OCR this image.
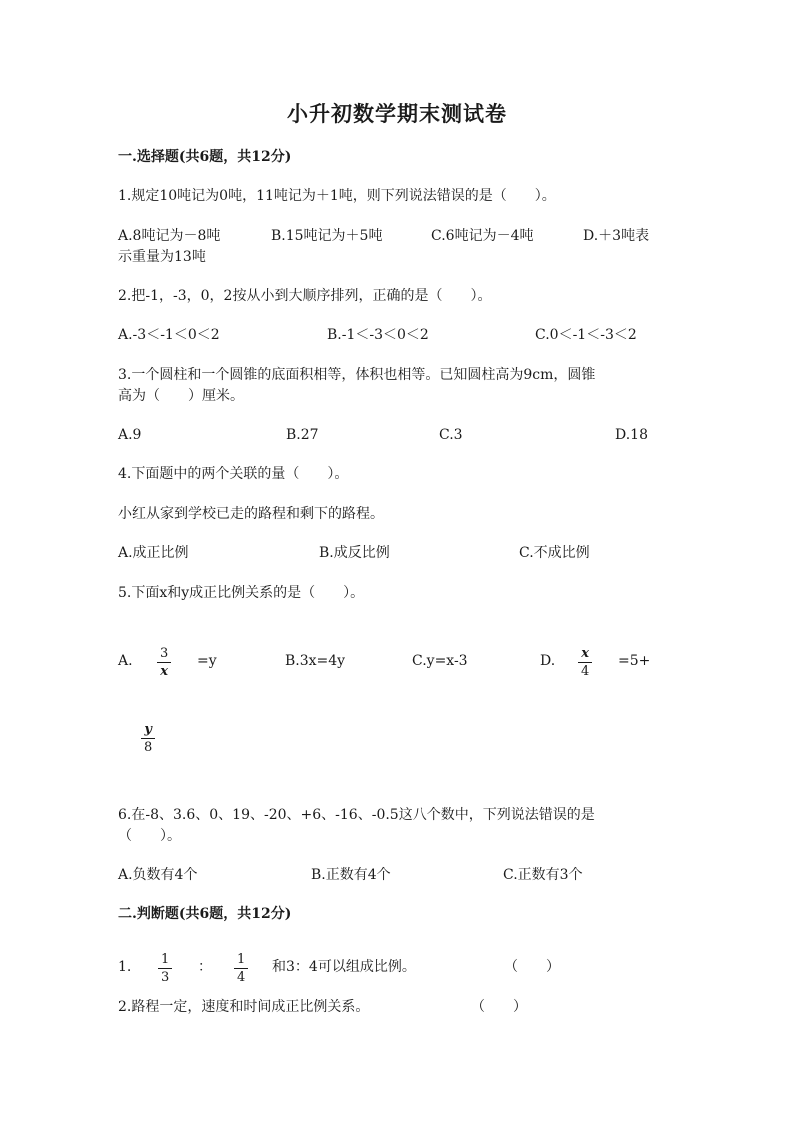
小升初数学期末测试卷
一.选择题(共6题，共12分)
1.规定10吨记为0吨，11吨记为＋1吨，则下列说法错误的是（　　）。
A.8吨记为－8吨	B.15吨记为＋5吨	C.6吨记为－4吨	D.＋3吨表
示重量为13吨
2.把-1，-3，0，2按从小到大顺序排列，正确的是（　　）。
A.-3＜-1＜0＜2	B.-1＜-3＜0＜2	C.0＜-1＜-3＜2
3.一个圆柱和一个圆锥的底面积相等，体积也相等。已知圆柱高为9cm，圆锥
高为（　　）厘米。
A.9	B.27	C.3	D.18
4.下面题中的两个关联的量（　　）。
小红从家到学校已走的路程和剩下的路程。
A.成正比例	B.成反比例	C.不成比例
5.下面x和y成正比例关系的是（　　）。
A. $\frac{3}{x} =y$	B.3x=4y	C.y=x-3	D. $\frac{x}{4} =5+$
$\frac{y}{8}$
6.在-8、3.6、0、19、-20、+6、-16、-0.5这八个数中，下列说法错误的是
（　　）。
A.负数有4个	B.正数有4个	C.正数有3个
二.判断题(共6题，共12分)
1. $\frac{1}{3}$ ： $\frac{1}{4}$ 和3：4可以组成比例。	（　　）
2.路程一定，速度和时间成正比例关系。	（　　）
